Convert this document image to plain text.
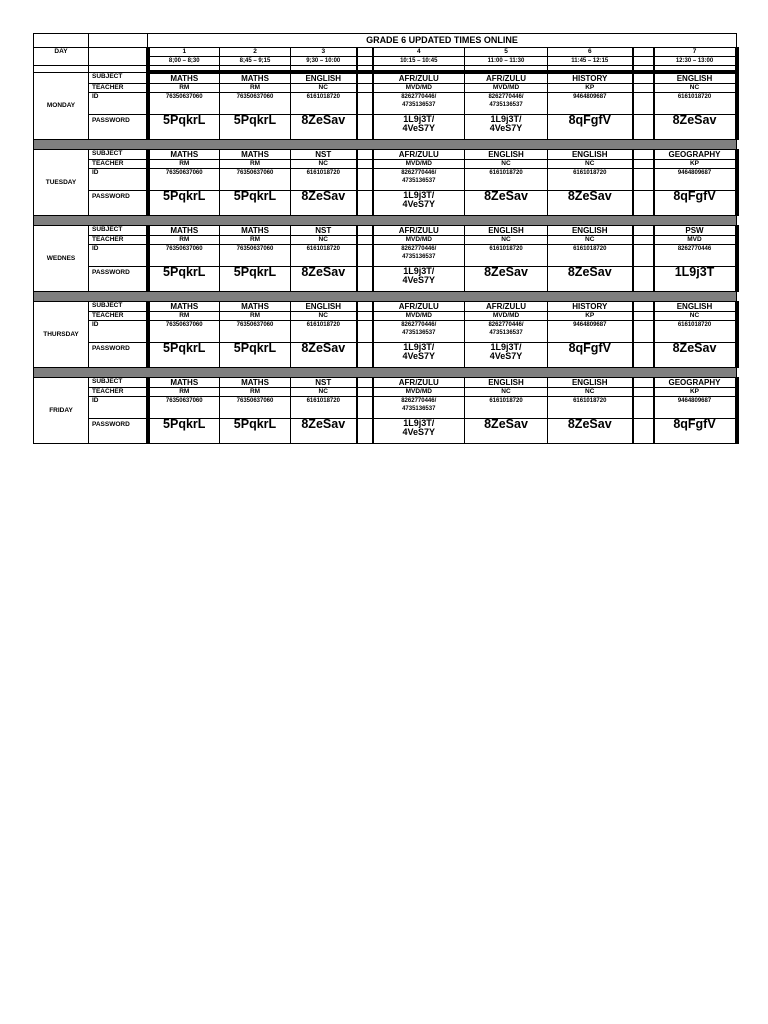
		GRADE 6 UPDATED TIMES ONLINE								
DAY		1	2	3		4	5	6		7
		8;00 – 8;30	8;45 – 9;15	9;30 – 10:00		10:15 – 10:45	11:00 – 11:30	11:45 – 12:15		12:30 – 13:00

MONDAY	SUBJECT	MATHS	MATHS	ENGLISH		AFR/ZULU	AFR/ZULU	HISTORY		ENGLISH
	TEACHER	RM	RM	NC		MVD/MD	MVD/MD	KP		NC
	ID	76350637060	76350637060	6161018720		8262770446/
4735136537	8262770446/
4735136537	9464809687		6161018720
	PASSWORD	5PqkrL	5PqkrL	8ZeSav		1L9j3T/
4VeS7Y	1L9j3T/
4VeS7Y	8qFgfV		8ZeSav

TUESDAY	SUBJECT	MATHS	MATHS	NST		AFR/ZULU	ENGLISH	ENGLISH		GEOGRAPHY
	TEACHER	RM	RM	NC		MVD/MD	NC	NC		KP
	ID	76350637060	76350637060	6161018720		8262770446/
4735136537	6161018720	6161018720		9464809687
	PASSWORD	5PqkrL	5PqkrL	8ZeSav		1L9j3T/
4VeS7Y	8ZeSav	8ZeSav		8qFgfV

WEDNES	SUBJECT	MATHS	MATHS	NST		AFR/ZULU	ENGLISH	ENGLISH		PSW
	TEACHER	RM	RM	NC		MVD/MD	NC	NC		MVD
	ID	76350637060	76350637060	6161018720		8262770446/
4735136537	6161018720	6161018720		8262770446
	PASSWORD	5PqkrL	5PqkrL	8ZeSav		1L9j3T/
4VeS7Y	8ZeSav	8ZeSav		1L9j3T

THURSDAY	SUBJECT	MATHS	MATHS	ENGLISH		AFR/ZULU	AFR/ZULU	HISTORY		ENGLISH
	TEACHER	RM	RM	NC		MVD/MD	MVD/MD	KP		NC
	ID	76350637060	76350637060	6161018720		8262770446/
4735136537	8262770446/
4735136537	9464809687		6161018720
	PASSWORD	5PqkrL	5PqkrL	8ZeSav		1L9j3T/
4VeS7Y	1L9j3T/
4VeS7Y	8qFgfV		8ZeSav

FRIDAY	SUBJECT	MATHS	MATHS	NST		AFR/ZULU	ENGLISH	ENGLISH		GEOGRAPHY
	TEACHER	RM	RM	NC		MVD/MD	NC	NC		KP
	ID	76350637060	76350637060	6161018720		8262770446/
4735136537	6161018720	6161018720		9464809687
	PASSWORD	5PqkrL	5PqkrL	8ZeSav		1L9j3T/
4VeS7Y	8ZeSav	8ZeSav		8qFgfV
